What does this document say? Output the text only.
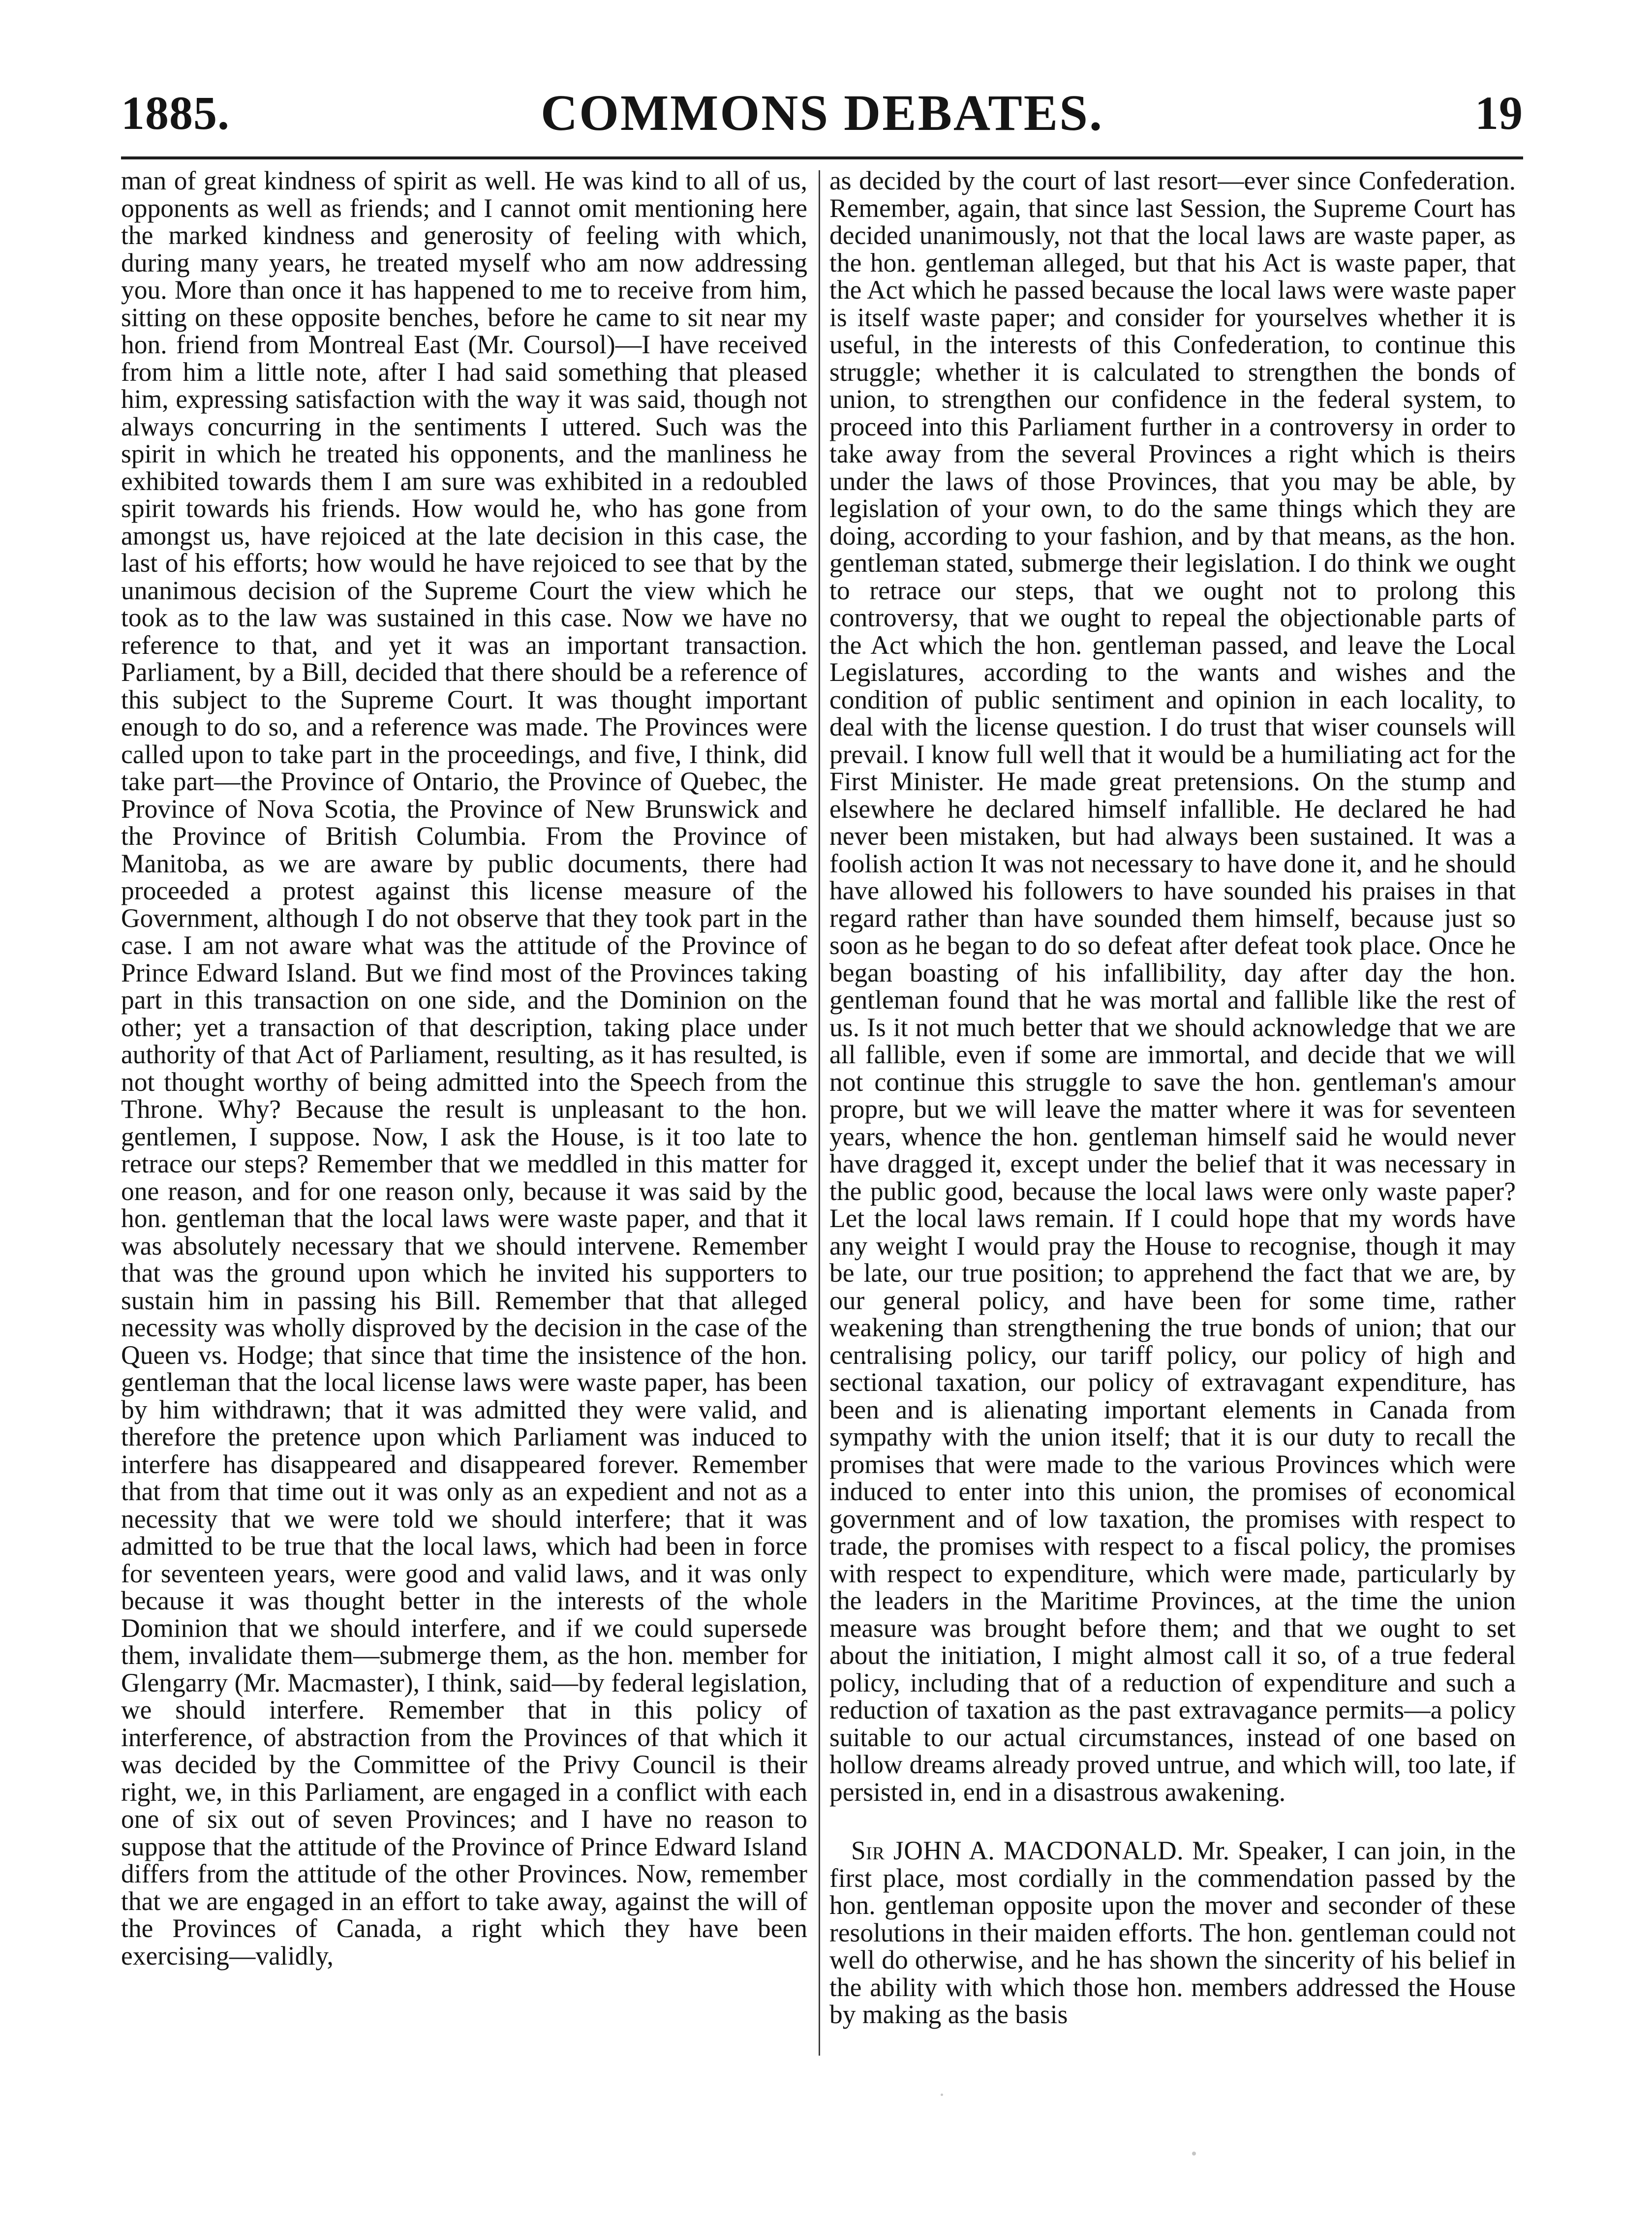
1885.	COMMONS DEBATES.	19

man of great kindness of spirit as well. He was kind to all of us, opponents as well as friends; and I cannot omit mentioning here the marked kindness and generosity of feeling with which, during many years, he treated myself who am now addressing you. More than once it has happened to me to receive from him, sitting on these opposite benches, before he came to sit near my hon. friend from Montreal East (Mr. Coursol)—I have received from him a little note, after I had said something that pleased him, expressing satisfaction with the way it was said, though not always concurring in the sentiments I uttered. Such was the spirit in which he treated his opponents, and the manliness he exhibited towards them I am sure was exhibited in a redoubled spirit towards his friends. How would he, who has gone from amongst us, have rejoiced at the late decision in this case, the last of his efforts; how would he have rejoiced to see that by the unanimous decision of the Supreme Court the view which he took as to the law was sustained in this case. Now we have no reference to that, and yet it was an important transaction. Parliament, by a Bill, decided that there should be a reference of this subject to the Supreme Court. It was thought important enough to do so, and a reference was made. The Provinces were called upon to take part in the proceedings, and five, I think, did take part—the Province of Ontario, the Province of Quebec, the Province of Nova Scotia, the Province of New Brunswick and the Province of British Columbia. From the Province of Manitoba, as we are aware by public documents, there had proceeded a protest against this license measure of the Government, although I do not observe that they took part in the case. I am not aware what was the attitude of the Province of Prince Edward Island. But we find most of the Provinces taking part in this transaction on one side, and the Dominion on the other; yet a transaction of that description, taking place under authority of that Act of Parliament, resulting, as it has resulted, is not thought worthy of being admitted into the Speech from the Throne. Why? Because the result is unpleasant to the hon. gentlemen, I suppose. Now, I ask the House, is it too late to retrace our steps? Remember that we meddled in this matter for one reason, and for one reason only, because it was said by the hon. gentleman that the local laws were waste paper, and that it was absolutely necessary that we should intervene. Remember that was the ground upon which he invited his supporters to sustain him in passing his Bill. Remember that that alleged necessity was wholly disproved by the decision in the case of the Queen vs. Hodge; that since that time the insistence of the hon. gentleman that the local license laws were waste paper, has been by him withdrawn; that it was admitted they were valid, and therefore the pretence upon which Parliament was induced to interfere has disappeared and disappeared forever. Remember that from that time out it was only as an expedient and not as a necessity that we were told we should interfere; that it was admitted to be true that the local laws, which had been in force for seventeen years, were good and valid laws, and it was only because it was thought better in the interests of the whole Dominion that we should interfere, and if we could supersede them, invalidate them—submerge them, as the hon. member for Glengarry (Mr. Macmaster), I think, said—by federal legislation, we should interfere. Remember that in this policy of interference, of abstraction from the Provinces of that which it was decided by the Committee of the Privy Council is their right, we, in this Parliament, are engaged in a conflict with each one of six out of seven Provinces; and I have no reason to suppose that the attitude of the Province of Prince Edward Island differs from the attitude of the other Provinces. Now, remember that we are engaged in an effort to take away, against the will of the Provinces of Canada, a right which they have been exercising—validly,

as decided by the court of last resort—ever since Confederation. Remember, again, that since last Session, the Supreme Court has decided unanimously, not that the local laws are waste paper, as the hon. gentleman alleged, but that his Act is waste paper, that the Act which he passed because the local laws were waste paper is itself waste paper; and consider for yourselves whether it is useful, in the interests of this Confederation, to continue this struggle; whether it is calculated to strengthen the bonds of union, to strengthen our confidence in the federal system, to proceed into this Parliament further in a controversy in order to take away from the several Provinces a right which is theirs under the laws of those Provinces, that you may be able, by legislation of your own, to do the same things which they are doing, according to your fashion, and by that means, as the hon. gentleman stated, submerge their legislation. I do think we ought to retrace our steps, that we ought not to prolong this controversy, that we ought to repeal the objectionable parts of the Act which the hon. gentleman passed, and leave the Local Legislatures, according to the wants and wishes and the condition of public sentiment and opinion in each locality, to deal with the license question. I do trust that wiser counsels will prevail. I know full well that it would be a humiliating act for the First Minister. He made great pretensions. On the stump and elsewhere he declared himself infallible. He declared he had never been mistaken, but had always been sustained. It was a foolish action It was not necessary to have done it, and he should have allowed his followers to have sounded his praises in that regard rather than have sounded them himself, because just so soon as he began to do so defeat after defeat took place. Once he began boasting of his infallibility, day after day the hon. gentleman found that he was mortal and fallible like the rest of us. Is it not much better that we should acknowledge that we are all fallible, even if some are immortal, and decide that we will not continue this struggle to save the hon. gentleman's amour propre, but we will leave the matter where it was for seventeen years, whence the hon. gentleman himself said he would never have dragged it, except under the belief that it was necessary in the public good, because the local laws were only waste paper? Let the local laws remain. If I could hope that my words have any weight I would pray the House to recognise, though it may be late, our true position; to apprehend the fact that we are, by our general policy, and have been for some time, rather weakening than strengthening the true bonds of union; that our centralising policy, our tariff policy, our policy of high and sectional taxation, our policy of extravagant expenditure, has been and is alienating important elements in Canada from sympathy with the union itself; that it is our duty to recall the promises that were made to the various Provinces which were induced to enter into this union, the promises of economical government and of low taxation, the promises with respect to trade, the promises with respect to a fiscal policy, the promises with respect to expenditure, which were made, particularly by the leaders in the Maritime Provinces, at the time the union measure was brought before them; and that we ought to set about the initiation, I might almost call it so, of a true federal policy, including that of a reduction of expenditure and such a reduction of taxation as the past extravagance permits—a policy suitable to our actual circumstances, instead of one based on hollow dreams already proved untrue, and which will, too late, if persisted in, end in a disastrous awakening.

Sir JOHN A. MACDONALD. Mr. Speaker, I can join, in the first place, most cordially in the commendation passed by the hon. gentleman opposite upon the mover and seconder of these resolutions in their maiden efforts. The hon. gentleman could not well do otherwise, and he has shown the sincerity of his belief in the ability with which those hon. members addressed the House by making as the basis
